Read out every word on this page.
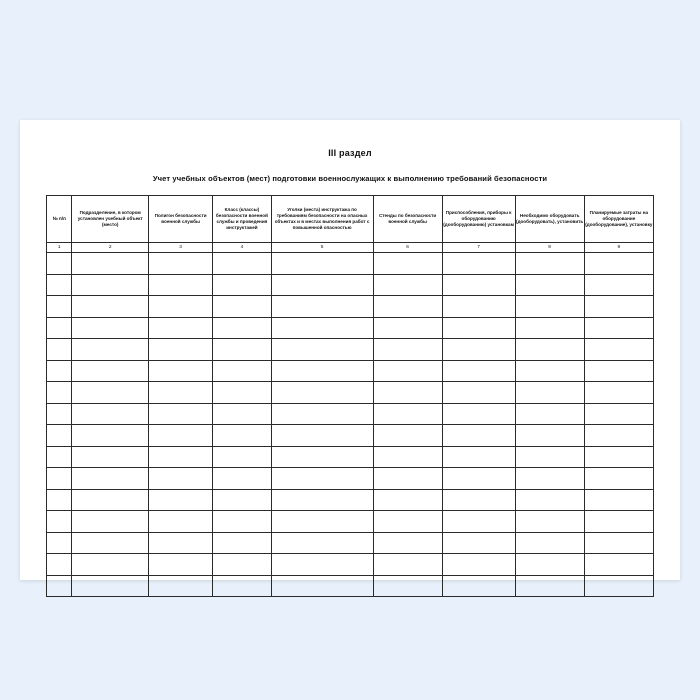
III раздел
Учет учебных объектов (мест) подготовки военнослужащих к выполнению требований безопасности
№ п/п	Подразделение, в котором установлен учебный объект (место)	Полигон безопасности военной службы	Класс (классы) безопасности военной службы и проведения инструктажей	Уголки (места) инструктажа по требованиям безопасности на опасных объектах и в местах выполнения работ с повышенной опасностью	Стенды по безопасности военной службы	Приспособления, приборы к оборудованию (дооборудованию) установкам	Необходимо оборудовать (дооборудовать), установить	Планируемые затраты на оборудование (дооборудование), установку
1	2	3	4	5	6	7	8	9
